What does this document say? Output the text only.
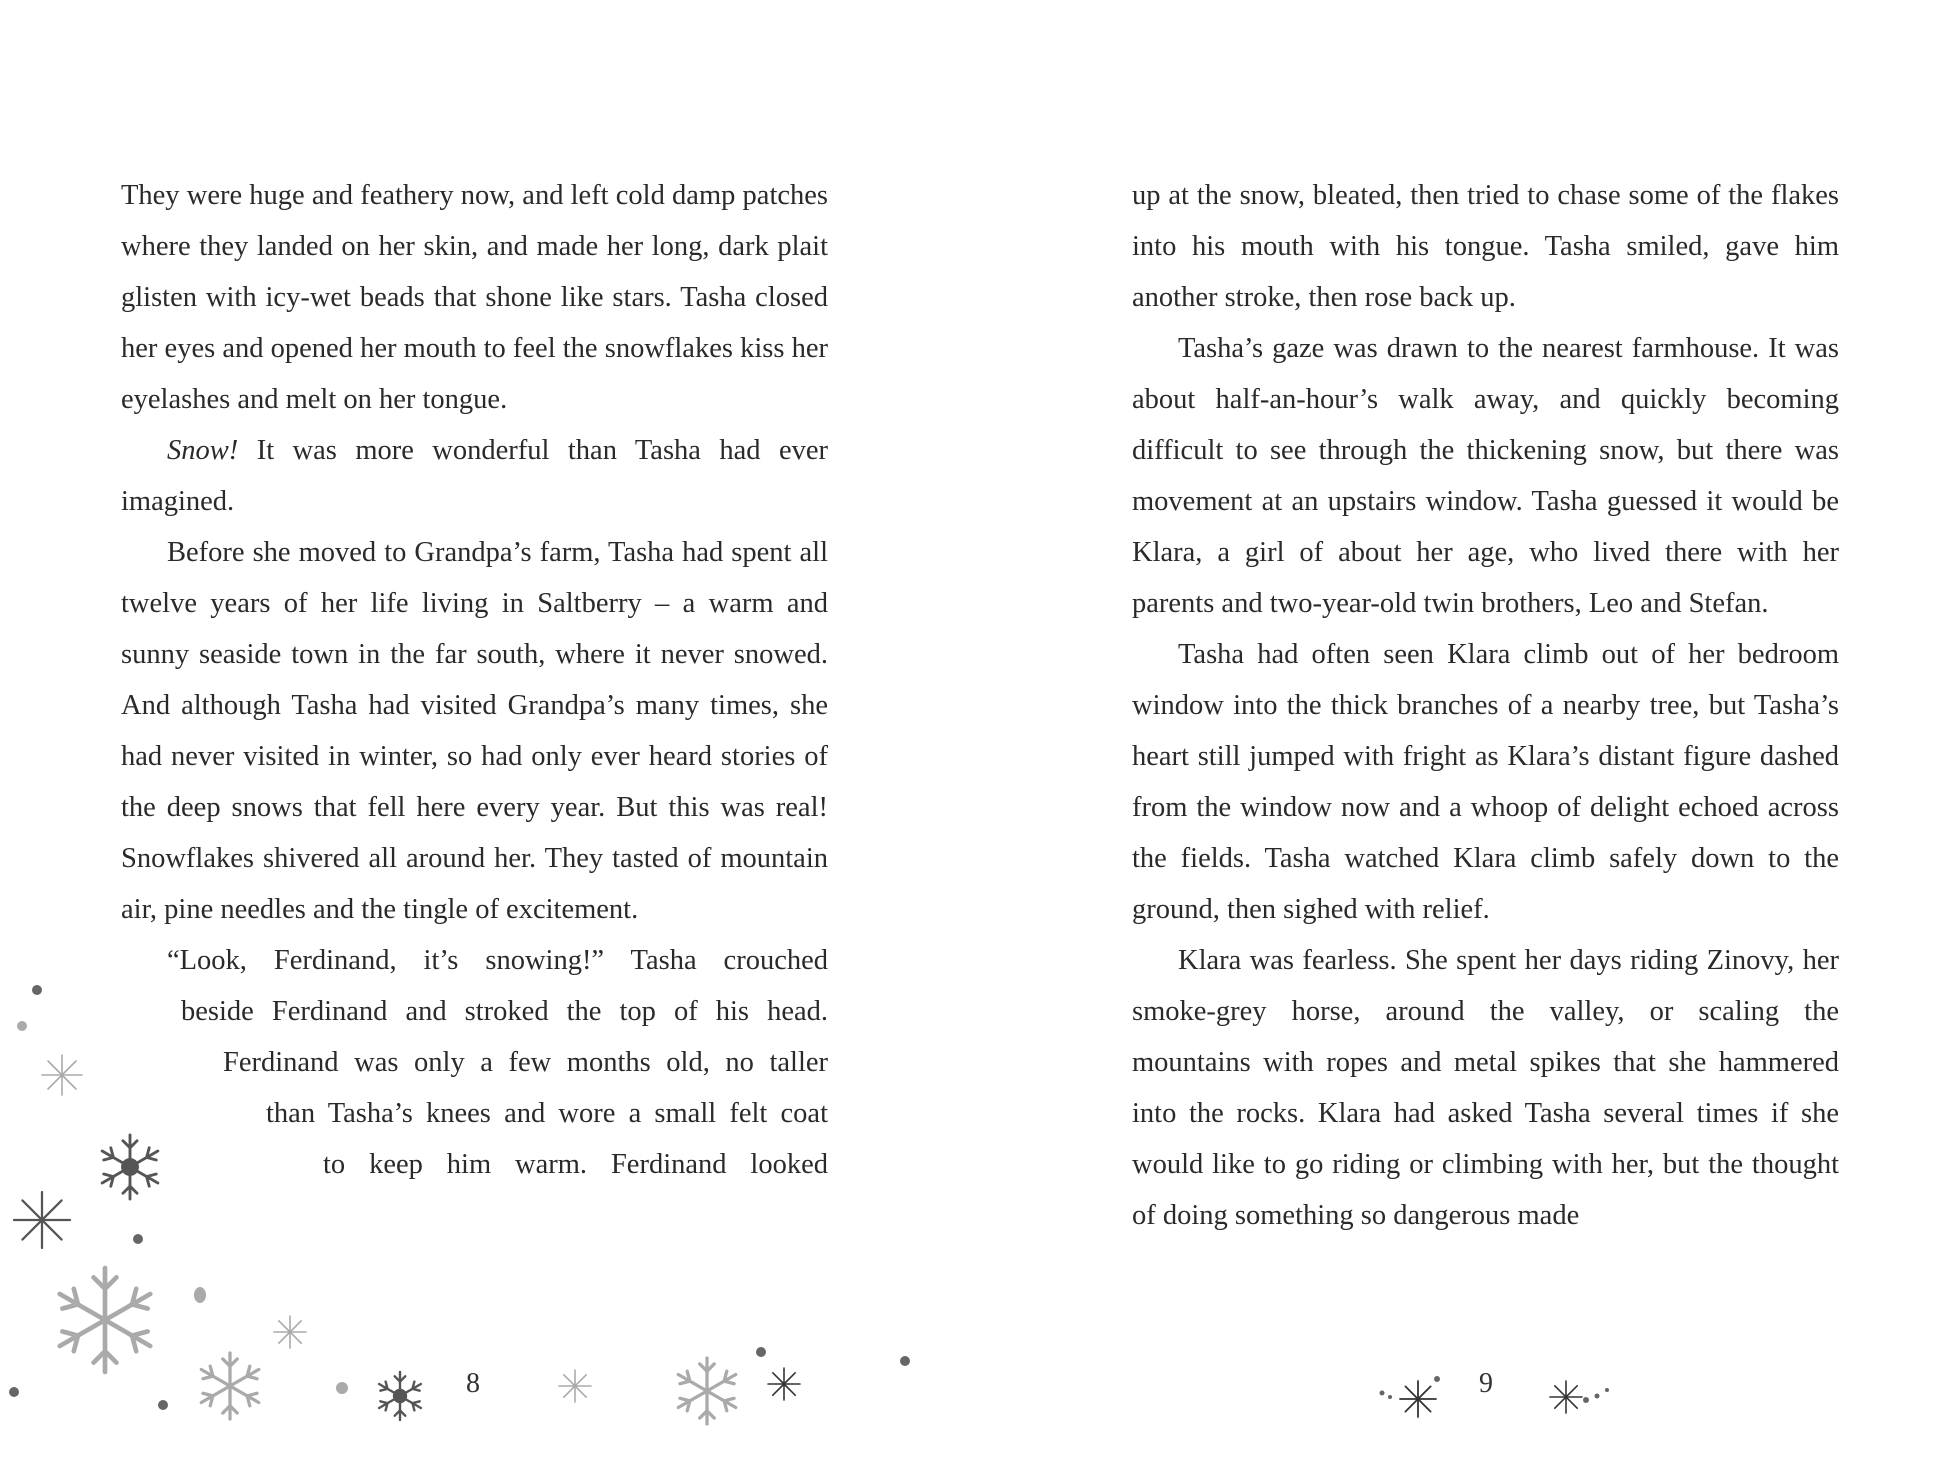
They were huge and feathery now, and left cold damp patches where they landed on her skin, and made her long, dark plait glisten with icy-wet beads that shone like stars. Tasha closed her eyes and opened her mouth to feel the snowflakes kiss her eyelashes and melt on her tongue.

Snow! It was more wonderful than Tasha had ever imagined.

Before she moved to Grandpa’s farm, Tasha had spent all twelve years of her life living in Saltberry – a warm and sunny seaside town in the far south, where it never snowed. And although Tasha had visited Grandpa’s many times, she had never visited in winter, so had only ever heard stories of the deep snows that fell here every year. But this was real! Snowflakes shivered all around her. They tasted of mountain air, pine needles and the tingle of excitement.

“Look, Ferdinand, it’s snowing!” Tasha crouched
beside Ferdinand and stroked the top of his head.
Ferdinand was only a few months old, no taller
than Tasha’s knees and wore a small felt coat
to keep him warm. Ferdinand looked
8

up at the snow, bleated, then tried to chase some of the flakes into his mouth with his tongue. Tasha smiled, gave him another stroke, then rose back up.

Tasha’s gaze was drawn to the nearest farmhouse. It was about half-an-hour’s walk away, and quickly becoming difficult to see through the thickening snow, but there was movement at an upstairs window. Tasha guessed it would be Klara, a girl of about her age, who lived there with her parents and two-year-old twin brothers, Leo and Stefan.

Tasha had often seen Klara climb out of her bedroom window into the thick branches of a nearby tree, but Tasha’s heart still jumped with fright as Klara’s distant figure dashed from the window now and a whoop of delight echoed across the fields. Tasha watched Klara climb safely down to the ground, then sighed with relief.

Klara was fearless. She spent her days riding Zinovy, her smoke-grey horse, around the valley, or scaling the mountains with ropes and metal spikes that she hammered into the rocks. Klara had asked Tasha several times if she would like to go riding or climbing with her, but the thought of doing something so dangerous made

9
